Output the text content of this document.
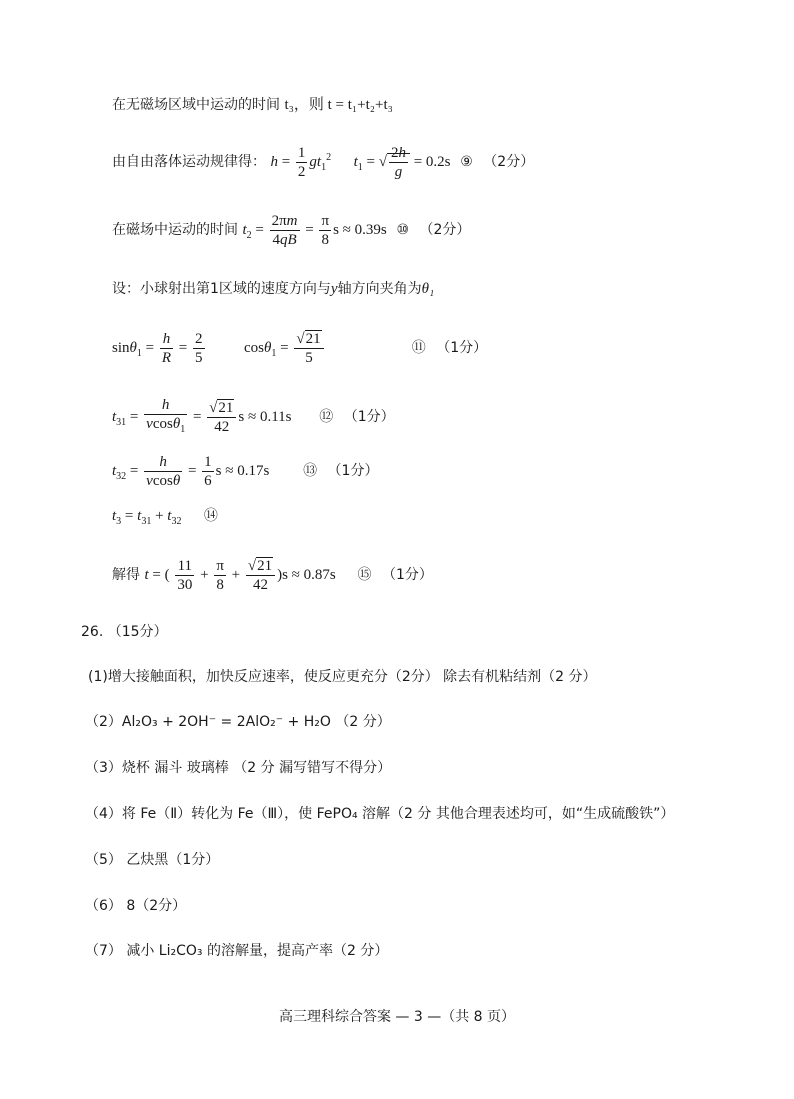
在无磁场区域中运动的时间 t₃，则 t = t₁+t₂+t₃
由自由落体运动规律得： $h = \frac{1}{2} gt_1^2$ $t_1$ = √ $\frac{2h}{g} = 0.2s$ ⑨ （2分）
在磁场中运动的时间 $t_2 = \frac{2\pi m}{4qB} = \frac{\pi}{8}$ s ≈ 0.39s ⑩ （2分）
设：小球射出第1区域的速度方向与y轴方向夹角为θ₁
$\sin\theta_1 = \frac{h}{R} = \frac{2}{5} \cos\theta_1 = \frac{√21}{5}$	⑪ （1分）
$t_{31} = \frac{h}{vcos\theta_1} = \frac{√21}{42}$ s ≈ 0.11s ⑫ （1分）
$t_{32} = \frac{h}{vcos\theta} = \frac{1}{6}$ s ≈ 0.17s ⑬ （1分）
$t_3 = t_{31} + t_{32}$ ⑭
解得 t = ( $\frac{11}{30} + \frac{\pi}{8} + \frac{√21}{42} )s \approx 0.87s$ ⑮ （1分）
26. （15分）
(1)增大接触面积，加快反应速率，使反应更充分（2分） 除去有机粘结剂（2 分）
（2）Al₂O₃ + 2OH⁻ = 2AlO₂⁻ + H₂O （2 分）
（3）烧杯 漏斗 玻璃棒 （2 分 漏写错写不得分）
（4）将 Fe（Ⅱ）转化为 Fe（Ⅲ），使 FePO₄ 溶解（2 分 其他合理表述均可，如“生成硫酸铁”）
（5） 乙炔黑（1分）
（6） 8（2分）
（7） 减小 Li₂CO₃ 的溶解量，提高产率（2 分）
高三理科综合答案 — 3 —（共 8 页）
